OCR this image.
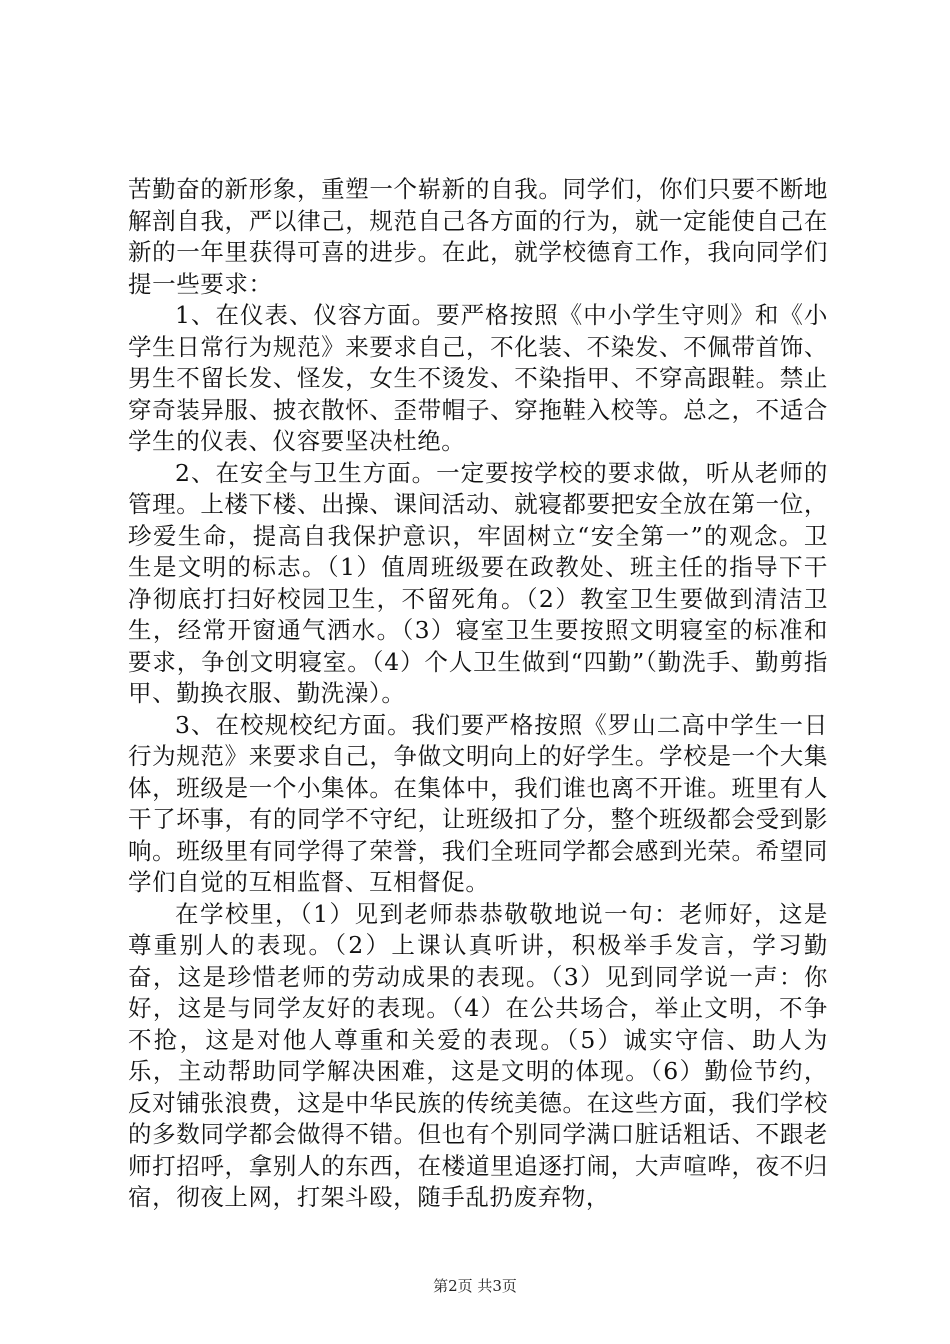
苦勤奋的新形象，重塑一个崭新的自我。同学们，你们只要不断地解剖自我，严以律己，规范自己各方面的行为，就一定能使自己在新的一年里获得可喜的进步。在此，就学校德育工作，我向同学们提一些要求：

1、在仪表、仪容方面。要严格按照《中小学生守则》和《小学生日常行为规范》来要求自己，不化装、不染发、不佩带首饰、男生不留长发、怪发，女生不烫发、不染指甲、不穿高跟鞋。禁止穿奇装异服、披衣散怀、歪带帽子、穿拖鞋入校等。总之，不适合学生的仪表、仪容要坚决杜绝。

2、在安全与卫生方面。一定要按学校的要求做，听从老师的管理。上楼下楼、出操、课间活动、就寝都要把安全放在第一位，珍爱生命，提高自我保护意识，牢固树立“安全第一”的观念。卫生是文明的标志。（1）值周班级要在政教处、班主任的指导下干净彻底打扫好校园卫生，不留死角。（2）教室卫生要做到清洁卫生，经常开窗通气洒水。（3）寝室卫生要按照文明寝室的标准和要求，争创文明寝室。（4）个人卫生做到“四勤”（勤洗手、勤剪指甲、勤换衣服、勤洗澡）。

3、在校规校纪方面。我们要严格按照《罗山二高中学生一日行为规范》来要求自己，争做文明向上的好学生。学校是一个大集体，班级是一个小集体。在集体中，我们谁也离不开谁。班里有人干了坏事，有的同学不守纪，让班级扣了分，整个班级都会受到影响。班级里有同学得了荣誉，我们全班同学都会感到光荣。希望同学们自觉的互相监督、互相督促。

在学校里，（1）见到老师恭恭敬敬地说一句：老师好，这是尊重别人的表现。（2）上课认真听讲，积极举手发言，学习勤奋，这是珍惜老师的劳动成果的表现。（3）见到同学说一声：你好，这是与同学友好的表现。（4）在公共场合，举止文明，不争不抢，这是对他人尊重和关爱的表现。（5）诚实守信、助人为乐，主动帮助同学解决困难，这是文明的体现。（6）勤俭节约，反对铺张浪费，这是中华民族的传统美德。在这些方面，我们学校的多数同学都会做得不错。但也有个别同学满口脏话粗话、不跟老师打招呼，拿别人的东西，在楼道里追逐打闹，大声喧哗，夜不归宿，彻夜上网，打架斗殴，随手乱扔废弃物，

第2页 共3页
